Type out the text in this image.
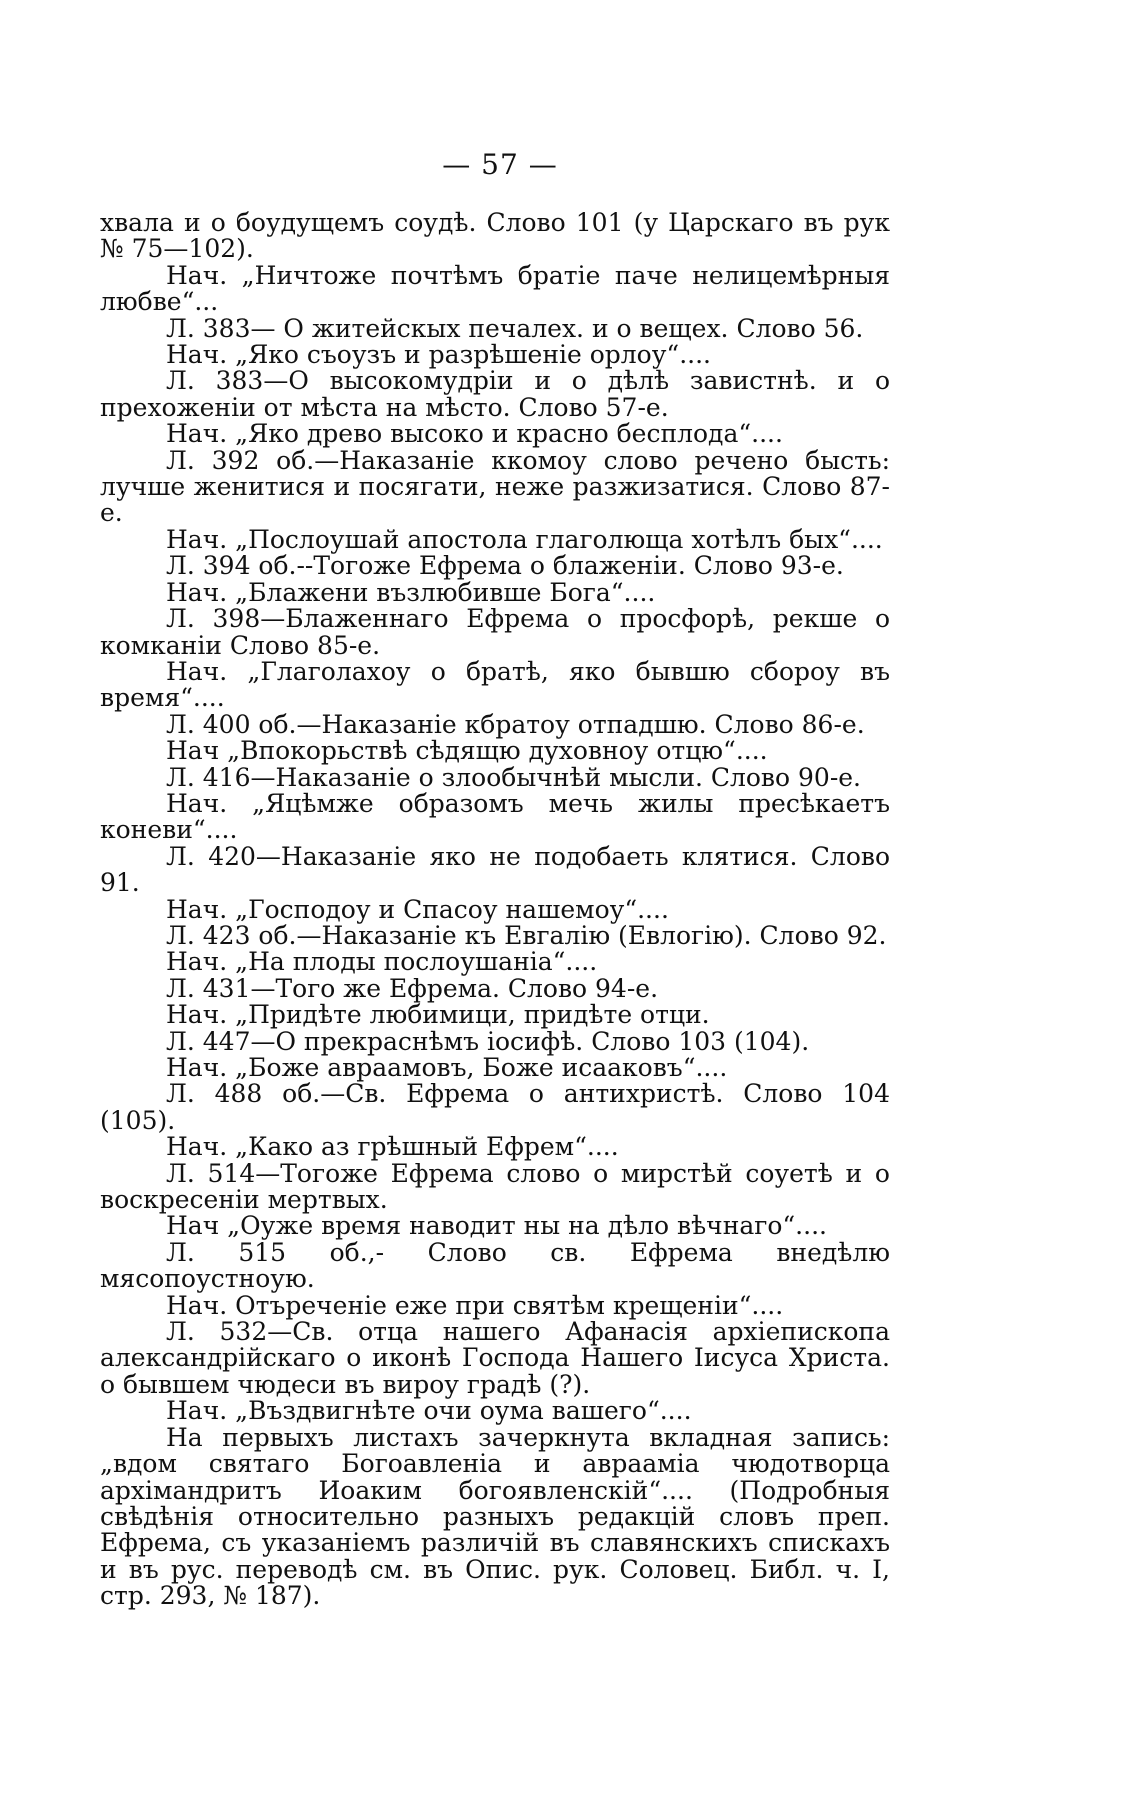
— 57 —

хвала и о боудущемъ соудѣ. Слово 101 (у Царскаго въ рук № 75—102).

Нач. „Ничтоже почтѣмъ братіе паче нелицемѣрныя любве“...

Л. 383— О житейскых печалех. и о вещех. Слово 56.

Нач. „Яко съоузъ и разрѣшеніе орлоу“....

Л. 383—О высокомудріи и о дѣлѣ завистнѣ. и о прехоженіи от мѣста на мѣсто. Слово 57-е.

Нач. „Яко древо высоко и красно бесплода“....

Л. 392 об.—Наказаніе ккомоу слово речено бысть: лучше женитися и посягати, неже разжизатися. Слово 87-е.

Нач. „Послоушай апостола глаголюща хотѣлъ бых“....

Л. 394 об.--Тогоже Ефрема о блаженіи. Слово 93-е.

Нач. „Блажени възлюбивше Бога“....

Л. 398—Блаженнаго Ефрема о просфорѣ, рекше о комканіи Слово 85-е.

Нач. „Глаголахоу о братѣ, яко бывшю сбороу въ время“....

Л. 400 об.—Наказаніе кбратоу отпадшю. Слово 86-е.

Нач „Впокорьствѣ сѣдящю духовноу отцю“....

Л. 416—Наказаніе о злообычнѣй мысли. Слово 90-е.

Нач. „Яцѣмже образомъ мечь жилы пресѣкаетъ коневи“....

Л. 420—Наказаніе яко не подобаеть клятися. Слово 91.

Нач. „Господоу и Спасоу нашемоу“....

Л. 423 об.—Наказаніе къ Евгалію (Евлогію). Слово 92.

Нач. „На плоды послоушаніа“....

Л. 431—Того же Ефрема. Слово 94-е.

Нач. „Придѣте любимици, придѣте отци.

Л. 447—О прекраснѣмъ іосифѣ. Слово 103 (104).

Нач. „Боже авраамовъ, Боже исааковъ“....

Л. 488 об.—Св. Ефрема о антихристѣ. Слово 104 (105).

Нач. „Како аз грѣшный Ефрем“....

Л. 514—Тогоже Ефрема слово о мирстѣй соуетѣ и о воскресеніи мертвых.

Нач „Оуже время наводит ны на дѣло вѣчнаго“....

Л. 515 об.,- Слово св. Ефрема внедѣлю мясопоустноую.

Нач. Отъреченіе еже при святѣм крещеніи“....

Л. 532—Св. отца нашего Афанасія архіепископа александрійскаго о иконѣ Господа Нашего Іисуса Христа. о бывшем чюдеси въ вироу градѣ (?).

Нач. „Въздвигнѣте очи оума вашего“....

На первыхъ листахъ зачеркнута вкладная запись: „вдом святаго Богоавленіа и аврааміа чюдотворца архімандритъ Иоаким богоявленскій“.... (Подробныя свѣдѣнія относительно разныхъ редакцій словъ преп. Ефрема, съ указаніемъ различій въ славянскихъ спискахъ и въ рус. переводѣ см. въ Опис. рук. Соловец. Библ. ч. I, стр. 293, № 187).
